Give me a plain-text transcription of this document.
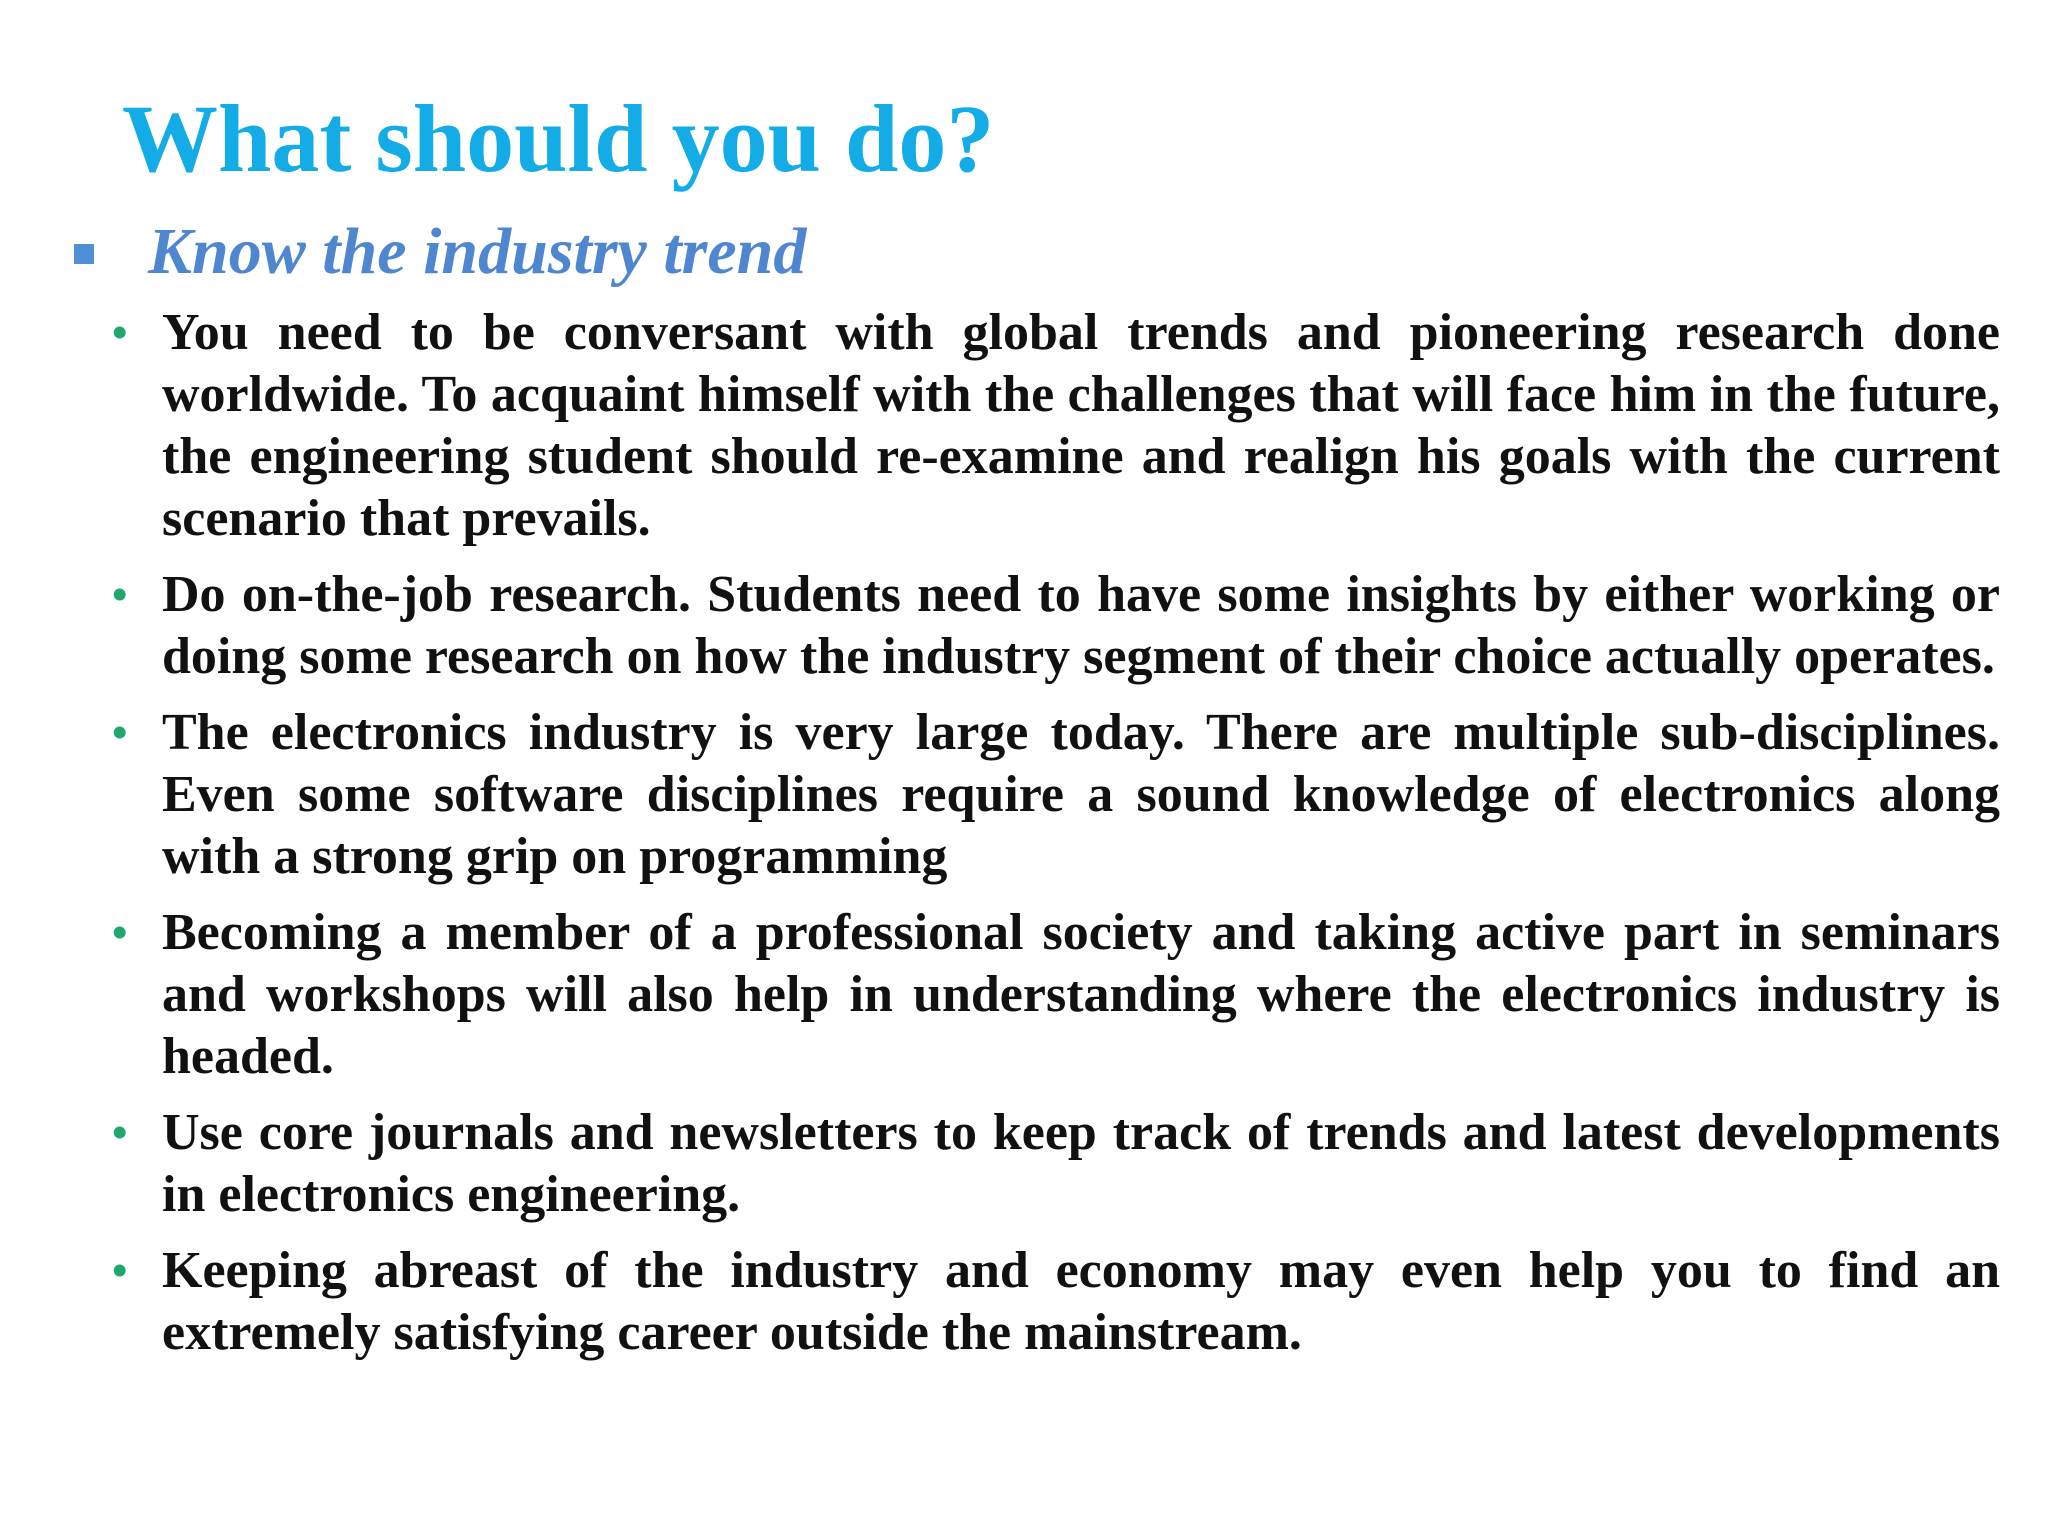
What should you do?
Know the industry trend
• You need to be conversant with global trends and pioneering research done worldwide. To acquaint himself with the challenges that will face him in the future, the engineering student should re-examine and realign his goals with the current scenario that prevails.
• Do on-the-job research. Students need to have some insights by either working or doing some research on how the industry segment of their choice actually operates.
• The electronics industry is very large today. There are multiple sub-disciplines. Even some software disciplines require a sound knowledge of electronics along with a strong grip on programming
• Becoming a member of a professional society and taking active part in seminars and workshops will also help in understanding where the electronics industry is headed.
• Use core journals and newsletters to keep track of trends and latest developments in electronics engineering.
• Keeping abreast of the industry and economy may even help you to find an extremely satisfying career outside the mainstream.
